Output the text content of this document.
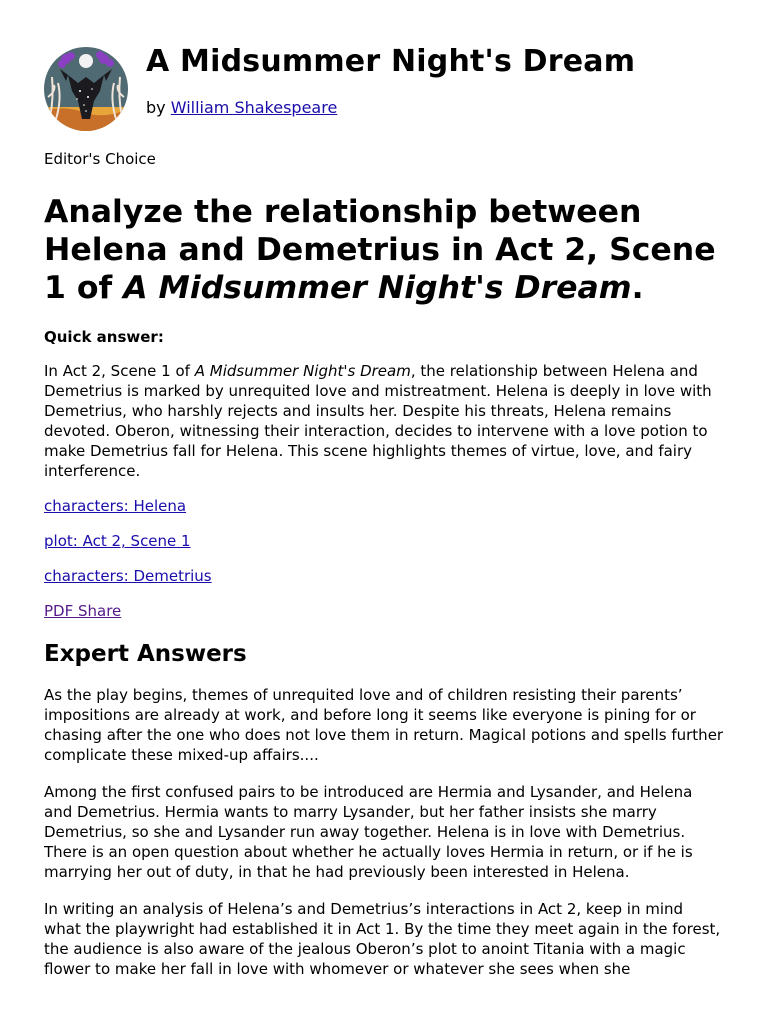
A Midsummer Night's Dream
by William Shakespeare

Editor's Choice

Analyze the relationship between Helena and Demetrius in Act 2, Scene 1 of A Midsummer Night's Dream.

Quick answer:

In Act 2, Scene 1 of A Midsummer Night's Dream, the relationship between Helena and Demetrius is marked by unrequited love and mistreatment. Helena is deeply in love with Demetrius, who harshly rejects and insults her. Despite his threats, Helena remains devoted. Oberon, witnessing their interaction, decides to intervene with a love potion to make Demetrius fall for Helena. This scene highlights themes of virtue, love, and fairy interference.

characters: Helena

plot: Act 2, Scene 1

characters: Demetrius

PDF Share

Expert Answers

As the play begins, themes of unrequited love and of children resisting their parents’ impositions are already at work, and before long it seems like everyone is pining for or chasing after the one who does not love them in return. Magical potions and spells further complicate these mixed-up affairs....

Among the first confused pairs to be introduced are Hermia and Lysander, and Helena and Demetrius. Hermia wants to marry Lysander, but her father insists she marry Demetrius, so she and Lysander run away together. Helena is in love with Demetrius. There is an open question about whether he actually loves Hermia in return, or if he is marrying her out of duty, in that he had previously been interested in Helena.

In writing an analysis of Helena’s and Demetrius’s interactions in Act 2, keep in mind what the playwright had established it in Act 1. By the time they meet again in the forest, the audience is also aware of the jealous Oberon’s plot to anoint Titania with a magic flower to make her fall in love with whomever or whatever she sees when she
